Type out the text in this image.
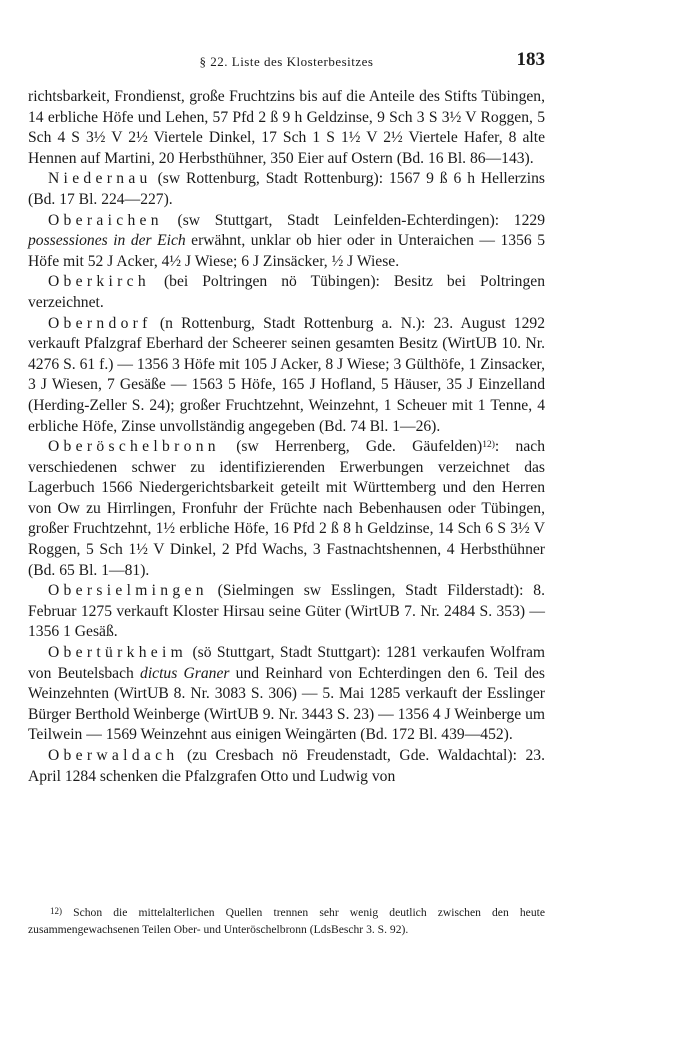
§ 22. Liste des Klosterbesitzes	183

richtsbarkeit, Frondienst, große Fruchtzins bis auf die Anteile des Stifts Tübingen, 14 erbliche Höfe und Lehen, 57 Pfd 2 ß 9 h Geldzinse, 9 Sch 3 S 3½ V Roggen, 5 Sch 4 S 3½ V 2½ Viertele Dinkel, 17 Sch 1 S 1½ V 2½ Viertele Hafer, 8 alte Hennen auf Martini, 20 Herbsthühner, 350 Eier auf Ostern (Bd. 16 Bl. 86—143).

Niedernau (sw Rottenburg, Stadt Rottenburg): 1567 9 ß 6 h Hellerzins (Bd. 17 Bl. 224—227).

Oberaichen (sw Stuttgart, Stadt Leinfelden-Echterdingen): 1229 possessiones in der Eich erwähnt, unklar ob hier oder in Unteraichen — 1356 5 Höfe mit 52 J Acker, 4½ J Wiese; 6 J Zinsäcker, ½ J Wiese.

Oberkirch (bei Poltringen nö Tübingen): Besitz bei Poltringen verzeichnet.

Oberndorf (n Rottenburg, Stadt Rottenburg a. N.): 23. August 1292 verkauft Pfalzgraf Eberhard der Scheerer seinen gesamten Besitz (WirtUB 10. Nr. 4276 S. 61 f.) — 1356 3 Höfe mit 105 J Acker, 8 J Wiese; 3 Gülthöfe, 1 Zinsacker, 3 J Wiesen, 7 Gesäße — 1563 5 Höfe, 165 J Hofland, 5 Häuser, 35 J Einzelland (Herding-Zeller S. 24); großer Fruchtzehnt, Weinzehnt, 1 Scheuer mit 1 Tenne, 4 erbliche Höfe, Zinse unvollständig angegeben (Bd. 74 Bl. 1—26).

Oberöschelbronn (sw Herrenberg, Gde. Gäufelden)$^{12)}$: nach verschiedenen schwer zu identifizierenden Erwerbungen verzeichnet das Lagerbuch 1566 Niedergerichtsbarkeit geteilt mit Württemberg und den Herren von Ow zu Hirrlingen, Fronfuhr der Früchte nach Bebenhausen oder Tübingen, großer Fruchtzehnt, 1½ erbliche Höfe, 16 Pfd 2 ß 8 h Geldzinse, 14 Sch 6 S 3½ V Roggen, 5 Sch 1½ V Dinkel, 2 Pfd Wachs, 3 Fastnachtshennen, 4 Herbsthühner (Bd. 65 Bl. 1—81).

Obersielmingen (Sielmingen sw Esslingen, Stadt Filderstadt): 8. Februar 1275 verkauft Kloster Hirsau seine Güter (WirtUB 7. Nr. 2484 S. 353) — 1356 1 Gesäß.

Obertürkheim (sö Stuttgart, Stadt Stuttgart): 1281 verkaufen Wolfram von Beutelsbach dictus Graner und Reinhard von Echterdingen den 6. Teil des Weinzehnten (WirtUB 8. Nr. 3083 S. 306) — 5. Mai 1285 verkauft der Esslinger Bürger Berthold Weinberge (WirtUB 9. Nr. 3443 S. 23) — 1356 4 J Weinberge um Teilwein — 1569 Weinzehnt aus einigen Weingärten (Bd. 172 Bl. 439—452).

Oberwaldach (zu Cresbach nö Freudenstadt, Gde. Waldachtal): 23. April 1284 schenken die Pfalzgrafen Otto und Ludwig von

$^{12)}$ Schon die mittelalterlichen Quellen trennen sehr wenig deutlich zwischen den heute zusammengewachsenen Teilen Ober- und Unteröschelbronn (LdsBeschr 3. S. 92).
